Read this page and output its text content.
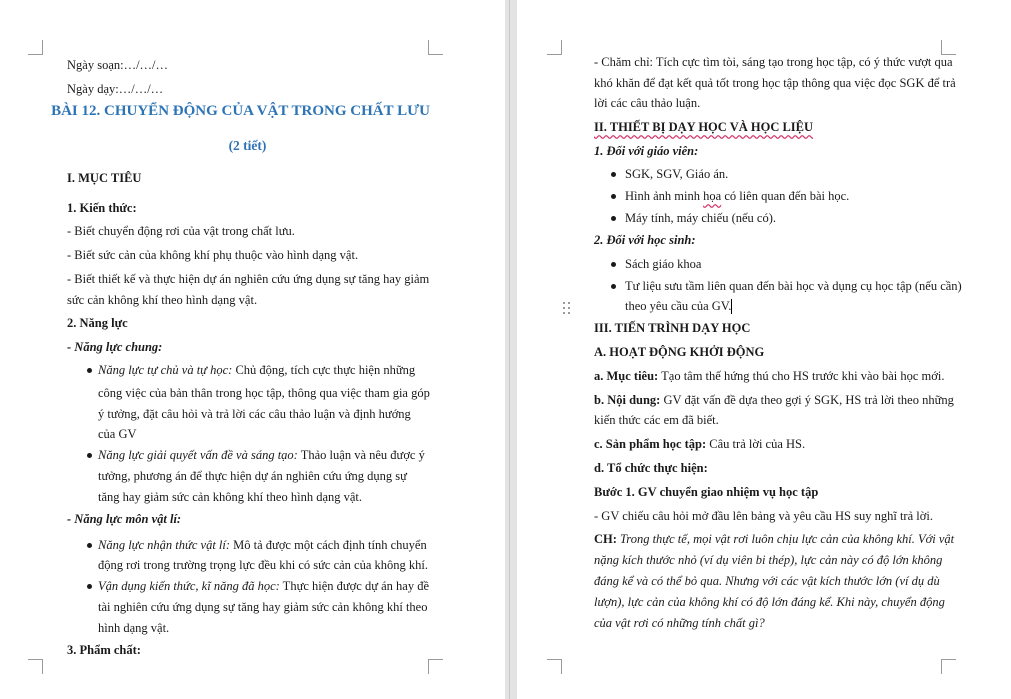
Ngày soạn:…/…/…
Ngày dạy:…/…/…
BÀI 12. CHUYỂN ĐỘNG CỦA VẬT TRONG CHẤT LƯU
(2 tiết)
I. MỤC TIÊU
1. Kiến thức:
- Biết chuyển động rơi của vật trong chất lưu.
- Biết sức cản của không khí phụ thuộc vào hình dạng vật.
- Biết thiết kế và thực hiện dự án nghiên cứu ứng dụng sự tăng hay giảm
sức cản không khí theo hình dạng vật.
2. Năng lực
- Năng lực chung:
Năng lực tự chủ và tự học: Chủ động, tích cực thực hiện những
công việc của bản thân trong học tập, thông qua việc tham gia góp
ý tưởng, đặt câu hỏi và trả lời các câu thảo luận và định hướng
của GV
Năng lực giải quyết vấn đề và sáng tạo: Thảo luận và nêu được ý
tưởng, phương án để thực hiện dự án nghiên cứu ứng dụng sự
tăng hay giảm sức cản không khí theo hình dạng vật.
- Năng lực môn vật lí:
Năng lực nhận thức vật lí: Mô tả được một cách định tính chuyển
động rơi trong trường trọng lực đều khi có sức cản của không khí.
Vận dụng kiến thức, kĩ năng đã học: Thực hiện được dự án hay đề
tài nghiên cứu ứng dụng sự tăng hay giảm sức cản không khí theo
hình dạng vật.
3. Phẩm chất:
- Chăm chỉ: Tích cực tìm tòi, sáng tạo trong học tập, có ý thức vượt qua
khó khăn để đạt kết quả tốt trong học tập thông qua việc đọc SGK để trả
lời các câu thảo luận.
II. THIẾT BỊ DẠY HỌC VÀ HỌC LIỆU
1. Đối với giáo viên:
SGK, SGV, Giáo án.
Hình ảnh minh họa có liên quan đến bài học.
Máy tính, máy chiếu (nếu có).
2. Đối với học sinh:
Sách giáo khoa
Tư liệu sưu tầm liên quan đến bài học và dụng cụ học tập (nếu cần)
theo yêu cầu của GV.
III. TIẾN TRÌNH DẠY HỌC
A. HOẠT ĐỘNG KHỞI ĐỘNG
a. Mục tiêu: Tạo tâm thế hứng thú cho HS trước khi vào bài học mới.
b. Nội dung: GV đặt vấn đề dựa theo gợi ý SGK, HS trả lời theo những
kiến thức các em đã biết.
c. Sản phẩm học tập: Câu trả lời của HS.
d. Tổ chức thực hiện:
Bước 1. GV chuyển giao nhiệm vụ học tập
- GV chiếu câu hỏi mở đầu lên bảng và yêu cầu HS suy nghĩ trả lời.
CH: Trong thực tế, mọi vật rơi luôn chịu lực cản của không khí. Với vật
nặng kích thước nhỏ (ví dụ viên bi thép), lực cản này có độ lớn không
đáng kể và có thể bỏ qua. Nhưng với các vật kích thước lớn (ví dụ dù
lượn), lực cản của không khí có độ lớn đáng kể. Khi này, chuyển động
của vật rơi có những tính chất gì?
